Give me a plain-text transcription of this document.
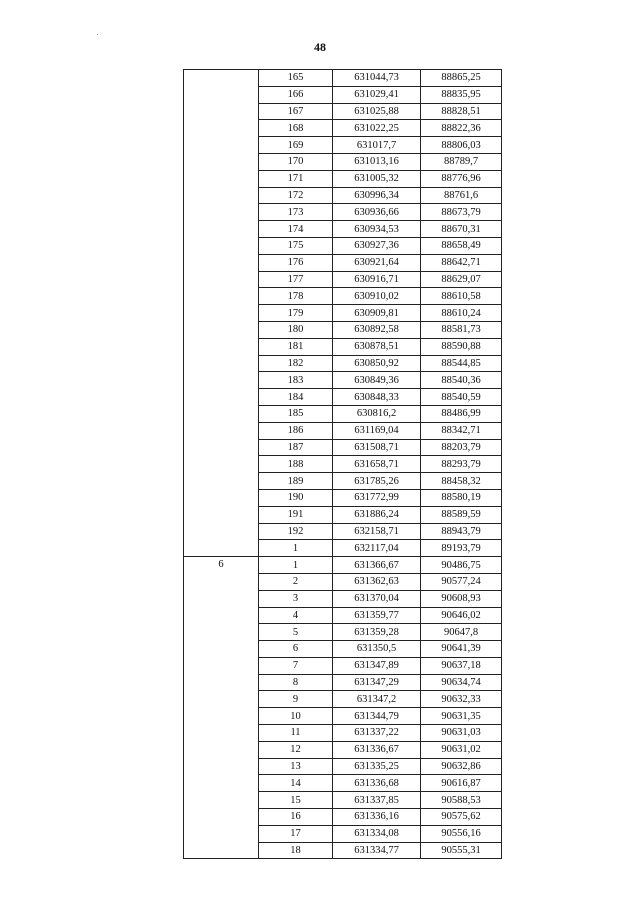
48
	165	631044,73	88865,25
	166	631029,41	88835,95
	167	631025,88	88828,51
	168	631022,25	88822,36
	169	631017,7	88806,03
	170	631013,16	88789,7
	171	631005,32	88776,96
	172	630996,34	88761,6
	173	630936,66	88673,79
	174	630934,53	88670,31
	175	630927,36	88658,49
	176	630921,64	88642,71
	177	630916,71	88629,07
	178	630910,02	88610,58
	179	630909,81	88610,24
	180	630892,58	88581,73
	181	630878,51	88590,88
	182	630850,92	88544,85
	183	630849,36	88540,36
	184	630848,33	88540,59
	185	630816,2	88486,99
	186	631169,04	88342,71
	187	631508,71	88203,79
	188	631658,71	88293,79
	189	631785,26	88458,32
	190	631772,99	88580,19
	191	631886,24	88589,59
	192	632158,71	88943,79
	1	632117,04	89193,79
6	1	631366,67	90486,75
	2	631362,63	90577,24
	3	631370,04	90608,93
	4	631359,77	90646,02
	5	631359,28	90647,8
	6	631350,5	90641,39
	7	631347,89	90637,18
	8	631347,29	90634,74
	9	631347,2	90632,33
	10	631344,79	90631,35
	11	631337,22	90631,03
	12	631336,67	90631,02
	13	631335,25	90632,86
	14	631336,68	90616,87
	15	631337,85	90588,53
	16	631336,16	90575,62
	17	631334,08	90556,16
	18	631334,77	90555,31
